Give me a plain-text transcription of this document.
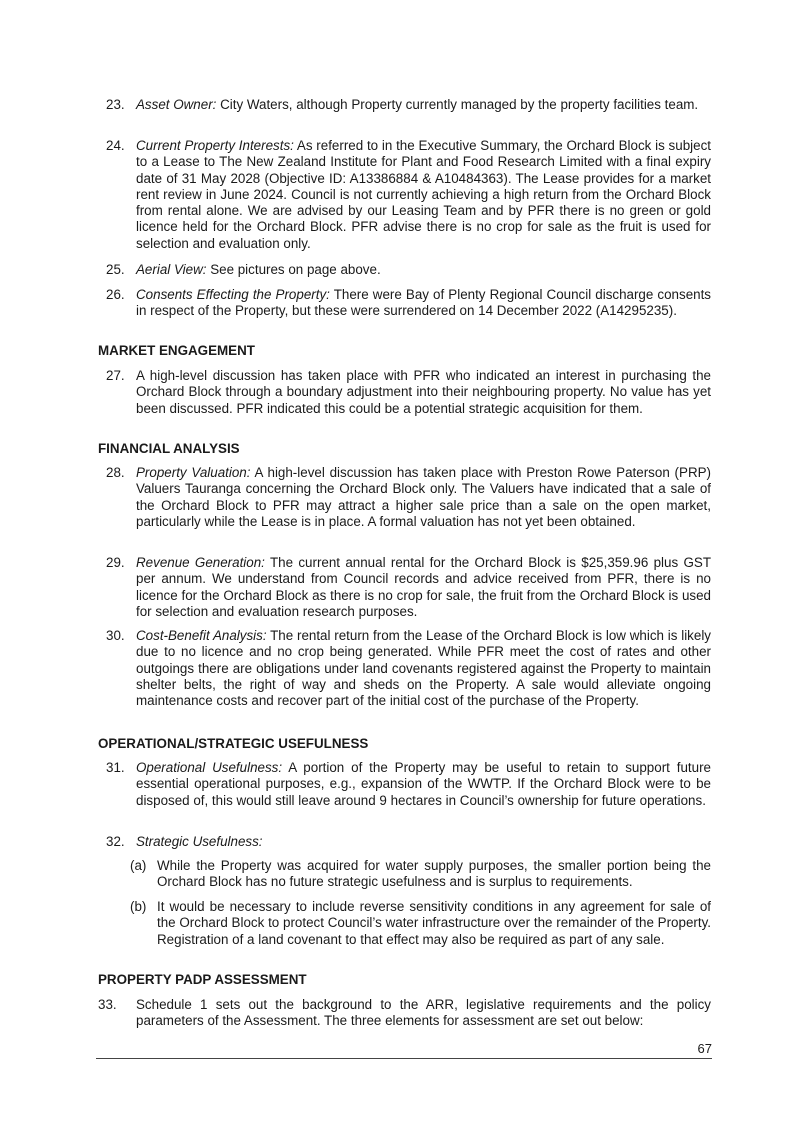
23. Asset Owner: City Waters, although Property currently managed by the property facilities team.
24. Current Property Interests: As referred to in the Executive Summary, the Orchard Block is subject to a Lease to The New Zealand Institute for Plant and Food Research Limited with a final expiry date of 31 May 2028 (Objective ID: A13386884 & A10484363). The Lease provides for a market rent review in June 2024. Council is not currently achieving a high return from the Orchard Block from rental alone. We are advised by our Leasing Team and by PFR there is no green or gold licence held for the Orchard Block. PFR advise there is no crop for sale as the fruit is used for selection and evaluation only.
25. Aerial View: See pictures on page above.
26. Consents Effecting the Property: There were Bay of Plenty Regional Council discharge consents in respect of the Property, but these were surrendered on 14 December 2022 (A14295235).
MARKET ENGAGEMENT
27. A high-level discussion has taken place with PFR who indicated an interest in purchasing the Orchard Block through a boundary adjustment into their neighbouring property. No value has yet been discussed. PFR indicated this could be a potential strategic acquisition for them.
FINANCIAL ANALYSIS
28. Property Valuation: A high-level discussion has taken place with Preston Rowe Paterson (PRP) Valuers Tauranga concerning the Orchard Block only. The Valuers have indicated that a sale of the Orchard Block to PFR may attract a higher sale price than a sale on the open market, particularly while the Lease is in place. A formal valuation has not yet been obtained.
29. Revenue Generation: The current annual rental for the Orchard Block is $25,359.96 plus GST per annum. We understand from Council records and advice received from PFR, there is no licence for the Orchard Block as there is no crop for sale, the fruit from the Orchard Block is used for selection and evaluation research purposes.
30. Cost-Benefit Analysis: The rental return from the Lease of the Orchard Block is low which is likely due to no licence and no crop being generated. While PFR meet the cost of rates and other outgoings there are obligations under land covenants registered against the Property to maintain shelter belts, the right of way and sheds on the Property. A sale would alleviate ongoing maintenance costs and recover part of the initial cost of the purchase of the Property.
OPERATIONAL/STRATEGIC USEFULNESS
31. Operational Usefulness: A portion of the Property may be useful to retain to support future essential operational purposes, e.g., expansion of the WWTP. If the Orchard Block were to be disposed of, this would still leave around 9 hectares in Council’s ownership for future operations.
32. Strategic Usefulness:
(a) While the Property was acquired for water supply purposes, the smaller portion being the Orchard Block has no future strategic usefulness and is surplus to requirements.
(b) It would be necessary to include reverse sensitivity conditions in any agreement for sale of the Orchard Block to protect Council’s water infrastructure over the remainder of the Property. Registration of a land covenant to that effect may also be required as part of any sale.
PROPERTY PADP ASSESSMENT
33. Schedule 1 sets out the background to the ARR, legislative requirements and the policy parameters of the Assessment. The three elements for assessment are set out below:
67
